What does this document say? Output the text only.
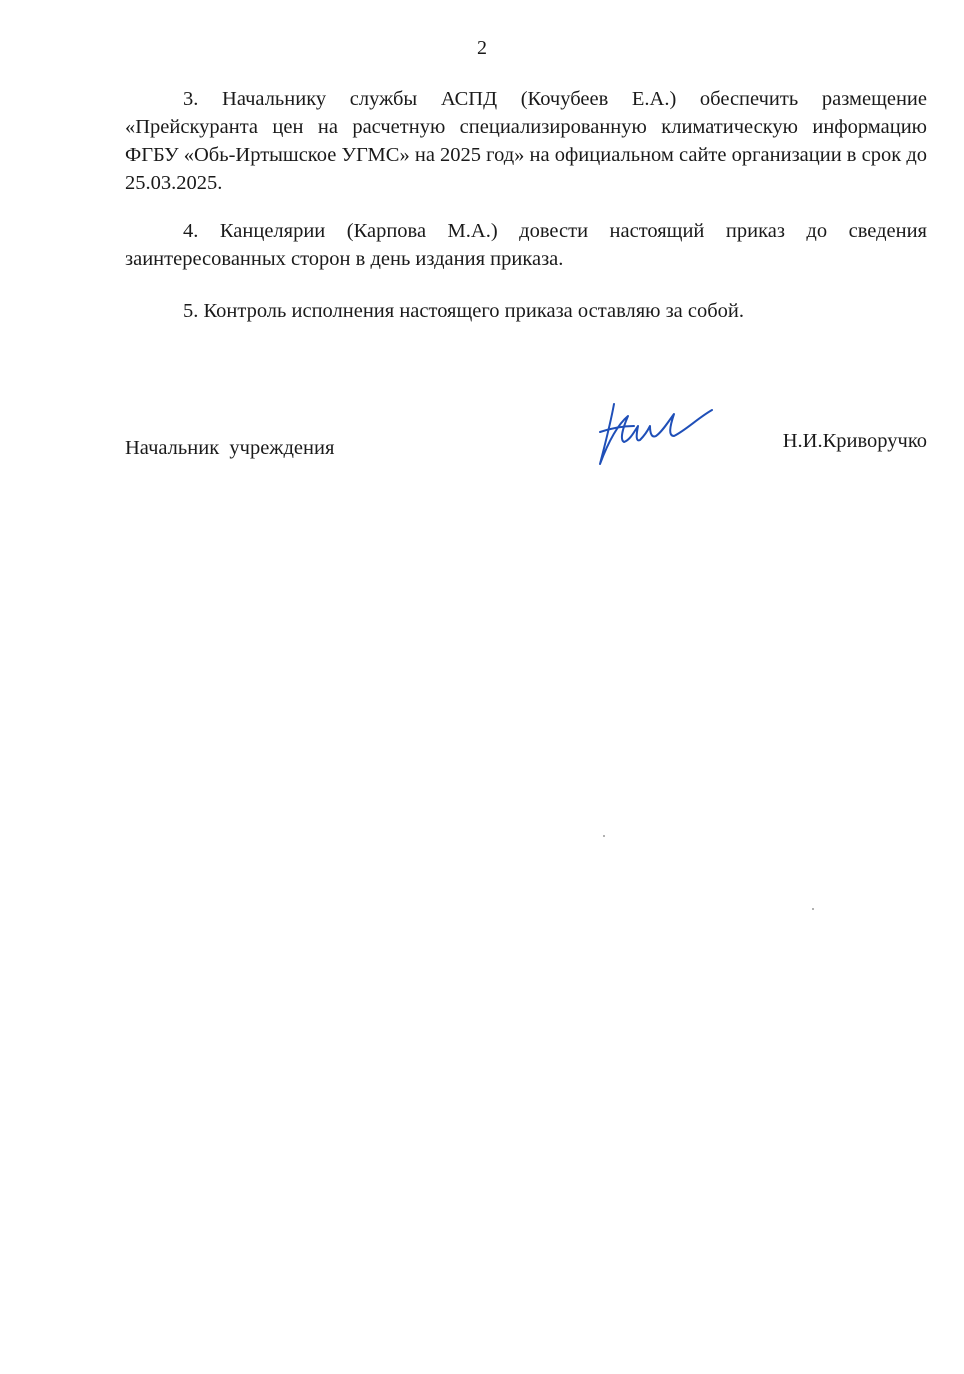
2

3. Начальнику службы АСПД (Кочубеев Е.А.) обеспечить размещение «Прейскуранта цен на расчетную специализированную климатическую информацию ФГБУ «Обь-Иртышское УГМС» на 2025 год» на официальном сайте организации в срок до 25.03.2025.

4. Канцелярии (Карпова М.А.) довести настоящий приказ до сведения заинтересованных сторон в день издания приказа.

5. Контроль исполнения настоящего приказа оставляю за собой.

Начальник  учреждения	Н.И.Криворучко
